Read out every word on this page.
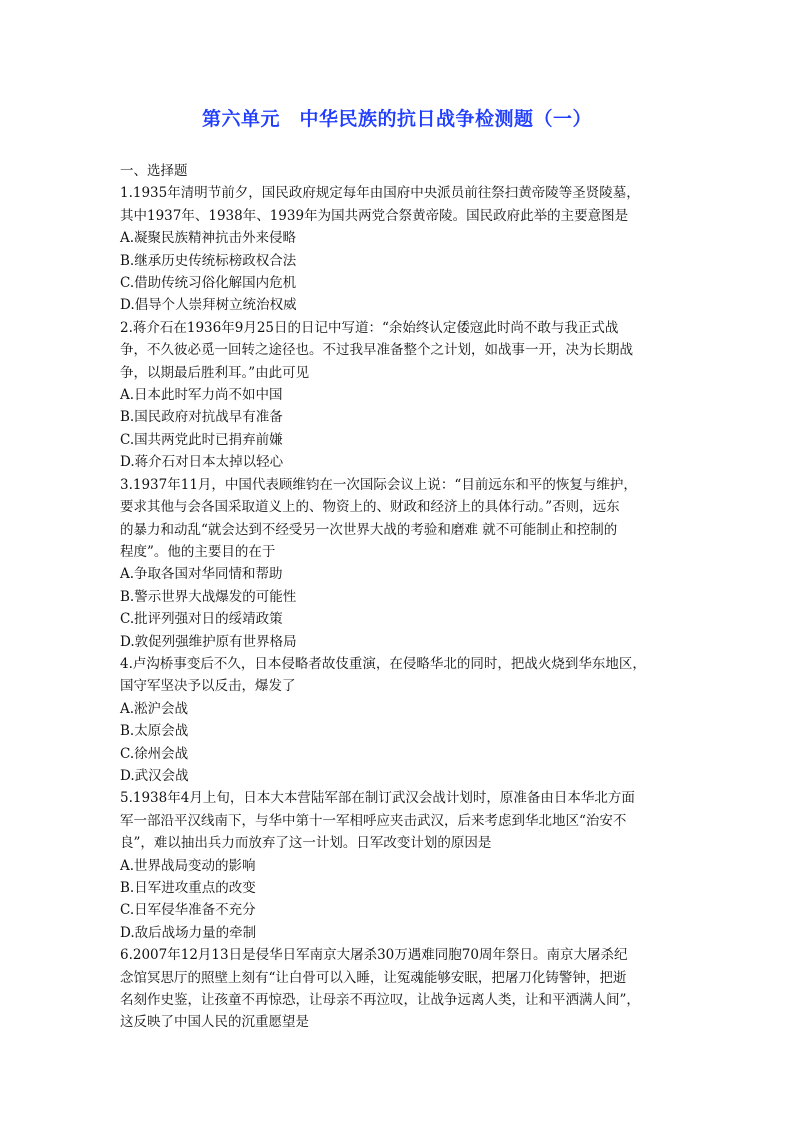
第六单元　中华民族的抗日战争检测题（一）
一、选择题
1.1935年清明节前夕，国民政府规定每年由国府中央派员前往祭扫黄帝陵等圣贤陵墓，
其中1937年、1938年、1939年为国共两党合祭黄帝陵。国民政府此举的主要意图是
A.凝聚民族精神抗击外来侵略
B.继承历史传统标榜政权合法
C.借助传统习俗化解国内危机
D.倡导个人崇拜树立统治权威
2.蒋介石在1936年9月25日的日记中写道：“余始终认定倭寇此时尚不敢与我正式战
争，不久彼必觅一回转之途径也。不过我早准备整个之计划，如战事一开，决为长期战
争，以期最后胜利耳。”由此可见
A.日本此时军力尚不如中国
B.国民政府对抗战早有准备
C.国共两党此时已捐弃前嫌
D.蒋介石对日本太掉以轻心
3.1937年11月，中国代表顾维钧在一次国际会议上说：“目前远东和平的恢复与维护，
要求其他与会各国采取道义上的、物资上的、财政和经济上的具体行动。”否则，远东
的暴力和动乱“就会达到不经受另一次世界大战的考验和磨难 就不可能制止和控制的
程度”。他的主要目的在于
A.争取各国对华同情和帮助
B.警示世界大战爆发的可能性
C.批评列强对日的绥靖政策
D.敦促列强维护原有世界格局
4.卢沟桥事变后不久，日本侵略者故伎重演，在侵略华北的同时，把战火烧到华东地区，
国守军坚决予以反击，爆发了
A.淞沪会战
B.太原会战
C.徐州会战
D.武汉会战
5.1938年4月上旬，日本大本营陆军部在制订武汉会战计划时，原准备由日本华北方面
军一部沿平汉线南下，与华中第十一军相呼应夹击武汉，后来考虑到华北地区“治安不
良”，难以抽出兵力而放弃了这一计划。日军改变计划的原因是
A.世界战局变动的影响
B.日军进攻重点的改变
C.日军侵华准备不充分
D.敌后战场力量的牵制
6.2007年12月13日是侵华日军南京大屠杀30万遇难同胞70周年祭日。南京大屠杀纪
念馆冥思厅的照壁上刻有“让白骨可以入睡，让冤魂能够安眠，把屠刀化铸警钟，把逝
名刻作史鉴，让孩童不再惊恐，让母亲不再泣叹，让战争远离人类，让和平洒满人间”，
这反映了中国人民的沉重愿望是
